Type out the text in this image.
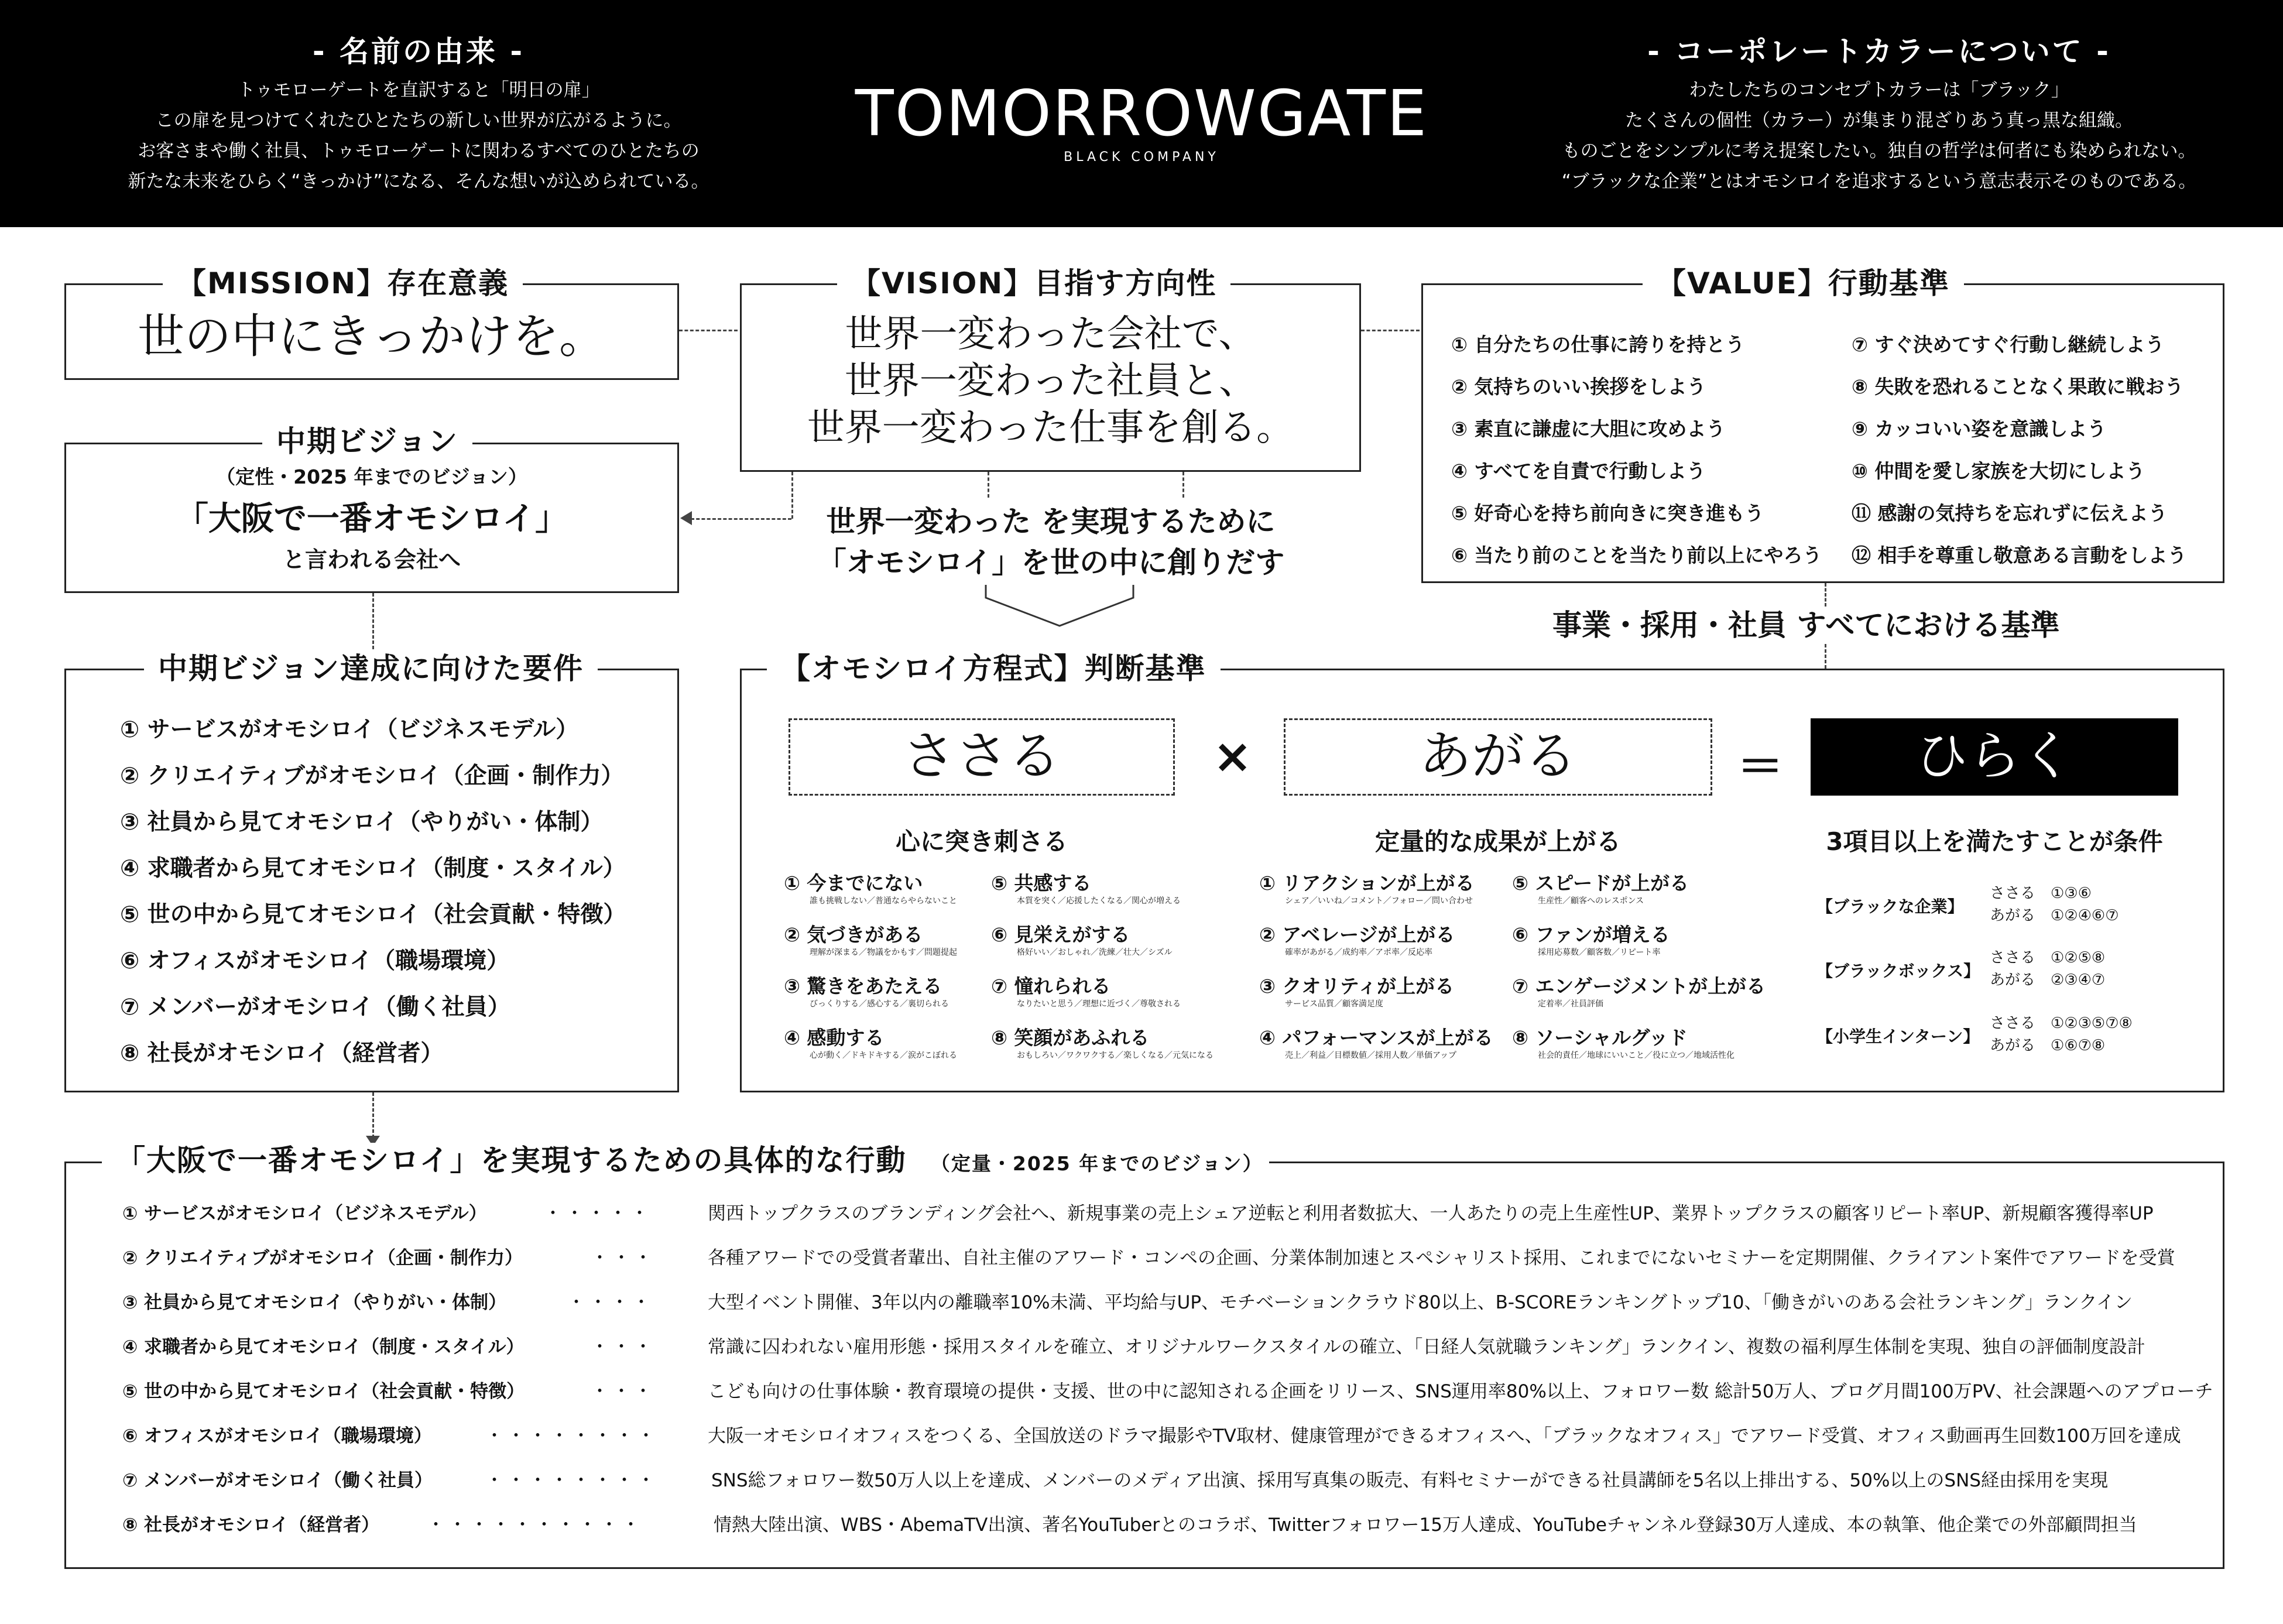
- 名前の由来 -
トゥモローゲートを直訳すると「明日の扉」
この扉を見つけてくれたひとたちの新しい世界が広がるように。
お客さまや働く社員、トゥモローゲートに関わるすべてのひとたちの
新たな未来をひらく“きっかけ”になる、そんな想いが込められている。
TOMORROWGATE
BLACK COMPANY
- コーポレートカラーについて -
わたしたちのコンセプトカラーは「ブラック」
たくさんの個性（カラー）が集まり混ざりあう真っ黒な組織。
ものごとをシンプルに考え提案したい。独自の哲学は何者にも染められない。
“ブラックな企業”とはオモシロイを追求するという意志表示そのものである。
世の中にきっかけを。
【MISSION】存在意義
世界一変わった会社で、
世界一変わった社員と、
世界一変わった仕事を創る。
【VISION】目指す方向性
① 自分たちの仕事に誇りを持とう
② 気持ちのいい挨拶をしよう
③ 素直に謙虚に大胆に攻めよう
④ すべてを自責で行動しよう
⑤ 好奇心を持ち前向きに突き進もう
⑥ 当たり前のことを当たり前以上にやろう
⑦ すぐ決めてすぐ行動し継続しよう
⑧ 失敗を恐れることなく果敢に戦おう
⑨ カッコいい姿を意識しよう
⑩ 仲間を愛し家族を大切にしよう
⑪ 感謝の気持ちを忘れずに伝えよう
⑫ 相手を尊重し敬意ある言動をしよう
【VALUE】行動基準
（定性・2025 年までのビジョン）
「大阪で一番オモシロイ」
と言われる会社へ
中期ビジョン
世界一変わった を実現するために
「オモシロイ」を世の中に創りだす
事業・採用・社員 すべてにおける基準
① サービスがオモシロイ（ビジネスモデル）
② クリエイティブがオモシロイ（企画・制作力）
③ 社員から見てオモシロイ（やりがい・体制）
④ 求職者から見てオモシロイ（制度・スタイル）
⑤ 世の中から見てオモシロイ（社会貢献・特徴）
⑥ オフィスがオモシロイ（職場環境）
⑦ メンバーがオモシロイ（働く社員）
⑧ 社長がオモシロイ（経営者）
中期ビジョン達成に向けた要件
ささる	×	あがる	＝	ひらく
心に突き刺さる	定量的な成果が上がる	3項目以上を満たすことが条件
① 今までにない
誰も挑戦しない／普通ならやらないこと
② 気づきがある
理解が深まる／物議をかもす／問題提起
③ 驚きをあたえる
びっくりする／感心する／裏切られる
④ 感動する
心が動く／ドキドキする／涙がこぼれる
⑤ 共感する
本質を突く／応援したくなる／関心が増える
⑥ 見栄えがする
格好いい／おしゃれ／洗練／壮大／シズル
⑦ 憧れられる
なりたいと思う／理想に近づく／尊敬される
⑧ 笑顔があふれる
おもしろい／ワクワクする／楽しくなる／元気になる
① リアクションが上がる
シェア／いいね／コメント／フォロー／問い合わせ
② アベレージが上がる
確率があがる／成約率／アポ率／反応率
③ クオリティが上がる
サービス品質／顧客満足度
④ パフォーマンスが上がる
売上／利益／目標数値／採用人数／単価アップ
⑤ スピードが上がる
生産性／顧客へのレスポンス
⑥ ファンが増える
採用応募数／顧客数／リピート率
⑦ エンゲージメントが上がる
定着率／社員評価
⑧ ソーシャルグッド
社会的責任／地球にいいこと／役に立つ／地域活性化
【ブラックな企業】
ささる　①③⑥
あがる　①②④⑥⑦
【ブラックボックス】
ささる　①②⑤⑧
あがる　②③④⑦
【小学生インターン】
ささる　①②③⑤⑦⑧
あがる　①⑥⑦⑧
【オモシロイ方程式】判断基準
① サービスがオモシロイ（ビジネスモデル）	・・・・・	関西トップクラスのブランディング会社へ、新規事業の売上シェア逆転と利用者数拡大、一人あたりの売上生産性UP、業界トップクラスの顧客リピート率UP、新規顧客獲得率UP
② クリエイティブがオモシロイ（企画・制作力）	・・・	各種アワードでの受賞者輩出、自社主催のアワード・コンペの企画、分業体制加速とスペシャリスト採用、これまでにないセミナーを定期開催、クライアント案件でアワードを受賞
③ 社員から見てオモシロイ（やりがい・体制）	・・・・	大型イベント開催、3年以内の離職率10%未満、平均給与UP、モチベーションクラウド80以上、B-SCOREランキングトップ10、「働きがいのある会社ランキング」ランクイン
④ 求職者から見てオモシロイ（制度・スタイル）	・・・	常識に囚われない雇用形態・採用スタイルを確立、オリジナルワークスタイルの確立、「日経人気就職ランキング」ランクイン、複数の福利厚生体制を実現、独自の評価制度設計
⑤ 世の中から見てオモシロイ（社会貢献・特徴）	・・・	こども向けの仕事体験・教育環境の提供・支援、世の中に認知される企画をリリース、SNS運用率80%以上、フォロワー数 総計50万人、ブログ月間100万PV、社会課題へのアプローチ
⑥ オフィスがオモシロイ（職場環境）	・・・・・・・・	大阪一オモシロイオフィスをつくる、全国放送のドラマ撮影やTV取材、健康管理ができるオフィスへ、「ブラックなオフィス」でアワード受賞、オフィス動画再生回数100万回を達成
⑦ メンバーがオモシロイ（働く社員）	・・・・・・・・	SNS総フォロワー数50万人以上を達成、メンバーのメディア出演、採用写真集の販売、有料セミナーができる社員講師を5名以上排出する、50%以上のSNS経由採用を実現
⑧ 社長がオモシロイ（経営者）	・・・・・・・・・・	情熱大陸出演、WBS・AbemaTV出演、著名YouTuberとのコラボ、Twitterフォロワー15万人達成、YouTubeチャンネル登録30万人達成、本の執筆、他企業での外部顧問担当
「大阪で一番オモシロイ」を実現するための具体的な行動 （定量・2025 年までのビジョン）
